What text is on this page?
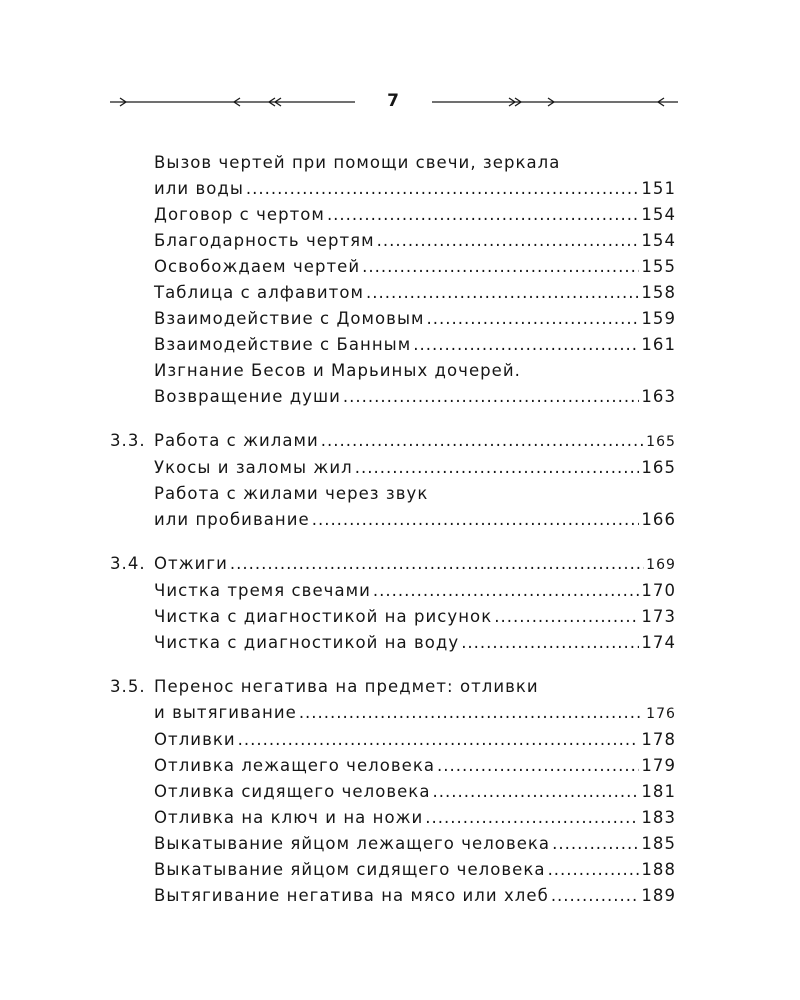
7
Вызов чертей при помощи свечи, зеркала
или воды .....	151
Договор с чертом .....	154
Благодарность чертям .....	154
Освобождаем чертей .....	155
Таблица с алфавитом .....	158
Взаимодействие с Домовым .....	159
Взаимодействие с Банным .....	161
Изгнание Бесов и Марьиных дочерей.
Возвращение души .....	163
3.3. Работа с жилами .....	165
Укосы и заломы жил .....	165
Работа с жилами через звук
или пробивание .....	166
3.4. Отжиги .....	169
Чистка тремя свечами .....	170
Чистка с диагностикой на рисунок .....	173
Чистка с диагностикой на воду .....	174
3.5. Перенос негатива на предмет: отливки
и вытягивание .....	176
Отливки .....	178
Отливка лежащего человека .....	179
Отливка сидящего человека .....	181
Отливка на ключ и на ножи .....	183
Выкатывание яйцом лежащего человека .....	185
Выкатывание яйцом сидящего человека .....	188
Вытягивание негатива на мясо или хлеб .....	189
